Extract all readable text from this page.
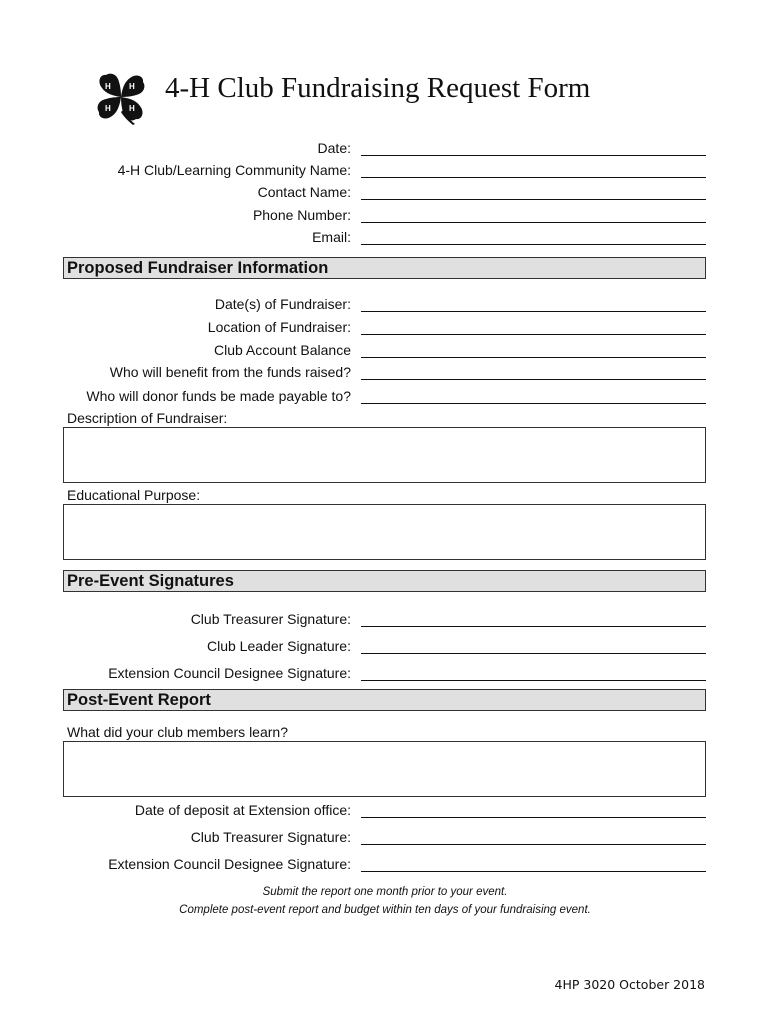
H H
H
H
4-H Club Fundraising Request Form
Date:
4-H Club/Learning Community Name:
Contact Name:
Phone Number:
Email:
Proposed Fundraiser Information
Date(s) of Fundraiser:
Location of Fundraiser:
Club Account Balance
Who will benefit from the funds raised?
Who will donor funds be made payable to?
Description of Fundraiser:
Educational Purpose:
Pre-Event Signatures
Club Treasurer Signature:
Club Leader Signature:
Extension Council Designee Signature:
Post-Event Report
What did your club members learn?
Date of deposit at Extension office:
Club Treasurer Signature:
Extension Council Designee Signature:
Submit the report one month prior to your event.
Complete post-event report and budget within ten days of your fundraising event.
4HP 3020 October 2018
